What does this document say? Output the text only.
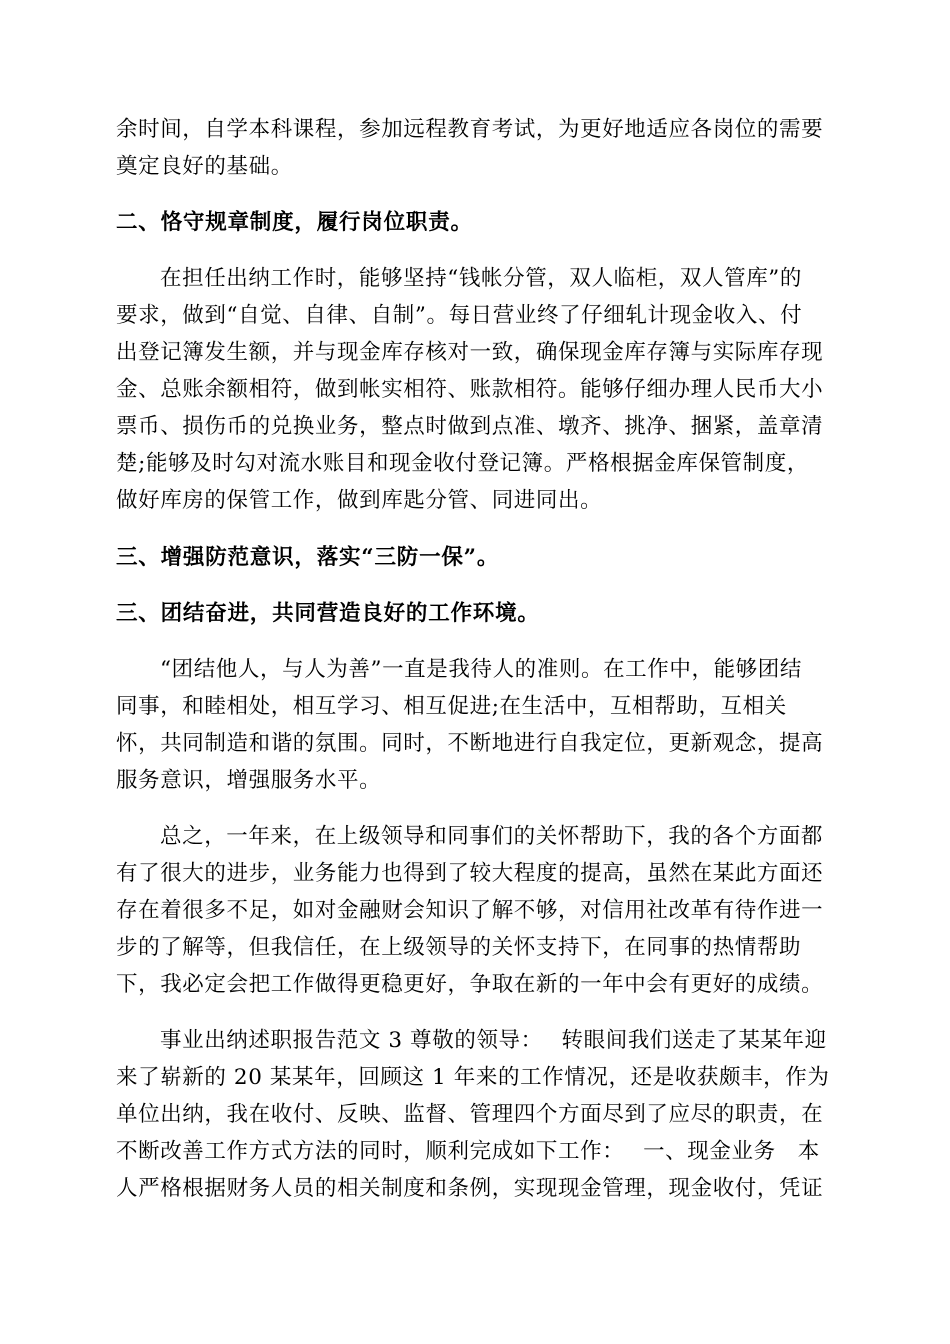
余时间，自学本科课程，参加远程教育考试，为更好地适应各岗位的需要
奠定良好的基础。
二、恪守规章制度，履行岗位职责。
在担任出纳工作时，能够坚持“钱帐分管，双人临柜，双人管库”的
要求，做到“自觉、自律、自制”。每日营业终了仔细轧计现金收入、付
出登记簿发生额，并与现金库存核对一致，确保现金库存簿与实际库存现
金、总账余额相符，做到帐实相符、账款相符。能够仔细办理人民币大小
票币、损伤币的兑换业务，整点时做到点准、墩齐、挑净、捆紧，盖章清
楚;能够及时勾对流水账目和现金收付登记簿。严格根据金库保管制度，
做好库房的保管工作，做到库匙分管、同进同出。
三、增强防范意识，落实“三防一保”。
三、团结奋进，共同营造良好的工作环境。
“团结他人，与人为善”一直是我待人的准则。在工作中，能够团结
同事，和睦相处，相互学习、相互促进;在生活中，互相帮助，互相关
怀，共同制造和谐的氛围。同时，不断地进行自我定位，更新观念，提高
服务意识，增强服务水平。
总之，一年来，在上级领导和同事们的关怀帮助下，我的各个方面都
有了很大的进步，业务能力也得到了较大程度的提高，虽然在某此方面还
存在着很多不足，如对金融财会知识了解不够，对信用社改革有待作进一
步的了解等，但我信任，在上级领导的关怀支持下，在同事的热情帮助
下，我必定会把工作做得更稳更好，争取在新的一年中会有更好的成绩。
事业出纳述职报告范文 3 尊敬的领导：　 转眼间我们送走了某某年迎
来了崭新的 20 某某年，回顾这 1 年来的工作情况，还是收获颇丰，作为
单位出纳，我在收付、反映、监督、管理四个方面尽到了应尽的职责，在
不断改善工作方式方法的同时，顺利完成如下工作：　 一、现金业务　本
人严格根据财务人员的相关制度和条例，实现现金管理，现金收付，凭证
